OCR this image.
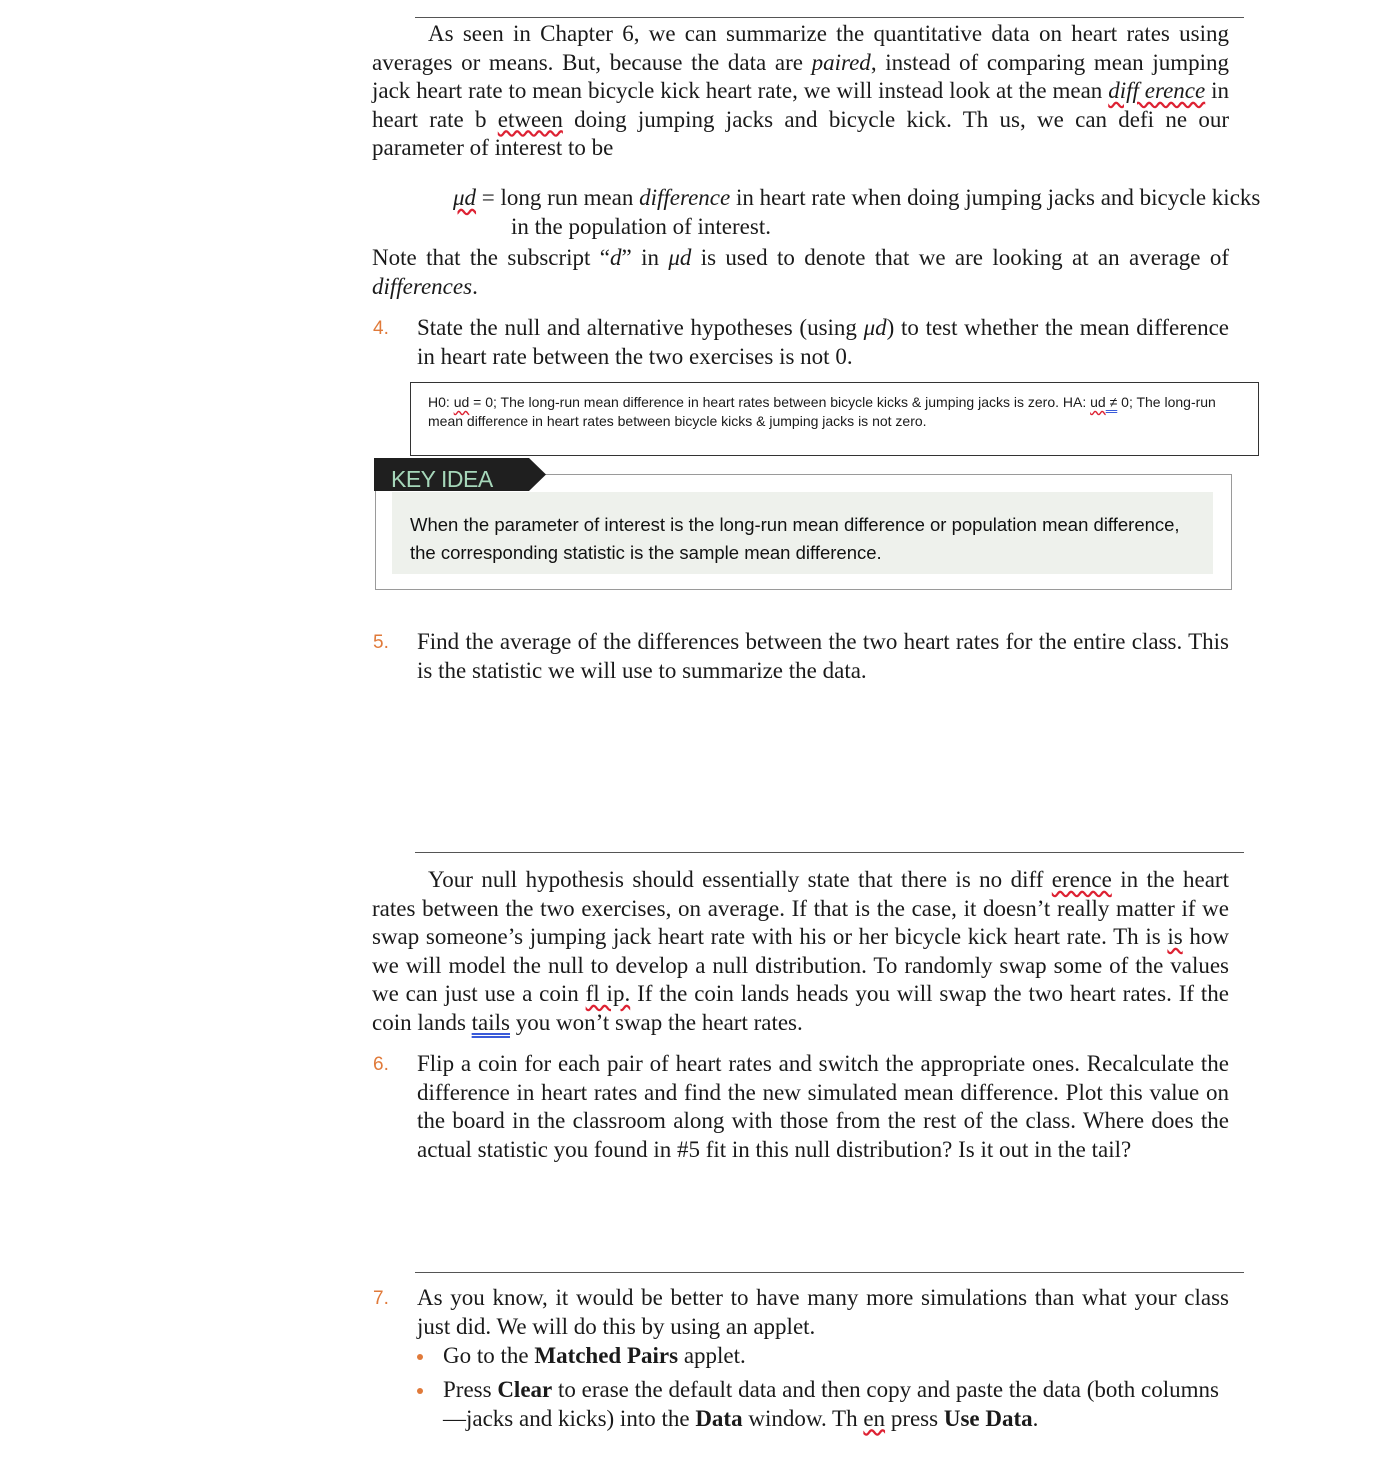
As seen in Chapter 6, we can summarize the quantitative data on heart rates using averages or means. But, because the data are paired, instead of comparing mean jumping jack heart rate to mean bicycle kick heart rate, we will instead look at the mean diff erence in heart rate b etween doing jumping jacks and bicycle kick. Th us, we can defi ne our parameter of interest to be
μd = long run mean difference in heart rate when doing jumping jacks and bicycle kicks in the population of interest.
Note that the subscript “d” in μd is used to denote that we are looking at an average of differences.
4. State the null and alternative hypotheses (using μd) to test whether the mean difference in heart rate between the two exercises is not 0.
H0: ud = 0; The long-run mean difference in heart rates between bicycle kicks & jumping jacks is zero. HA: ud ≠ 0; The long-run mean difference in heart rates between bicycle kicks & jumping jacks is not zero.
KEY IDEA
When the parameter of interest is the long-run mean difference or population mean difference, the corresponding statistic is the sample mean difference.
5. Find the average of the differences between the two heart rates for the entire class. This is the statistic we will use to summarize the data.
Your null hypothesis should essentially state that there is no diff erence in the heart rates between the two exercises, on average. If that is the case, it doesn’t really matter if we swap someone’s jumping jack heart rate with his or her bicycle kick heart rate. Th is is how we will model the null to develop a null distribution. To randomly swap some of the values we can just use a coin fl ip. If the coin lands heads you will swap the two heart rates. If the coin lands tails you won’t swap the heart rates.
6. Flip a coin for each pair of heart rates and switch the appropriate ones. Recalculate the difference in heart rates and find the new simulated mean difference. Plot this value on the board in the classroom along with those from the rest of the class. Where does the actual statistic you found in #5 fit in this null distribution? Is it out in the tail?
7. As you know, it would be better to have many more simulations than what your class just did. We will do this by using an applet.
Go to the Matched Pairs applet.
Press Clear to erase the default data and then copy and paste the data (both columns—jacks and kicks) into the Data window. Th en press Use Data.
